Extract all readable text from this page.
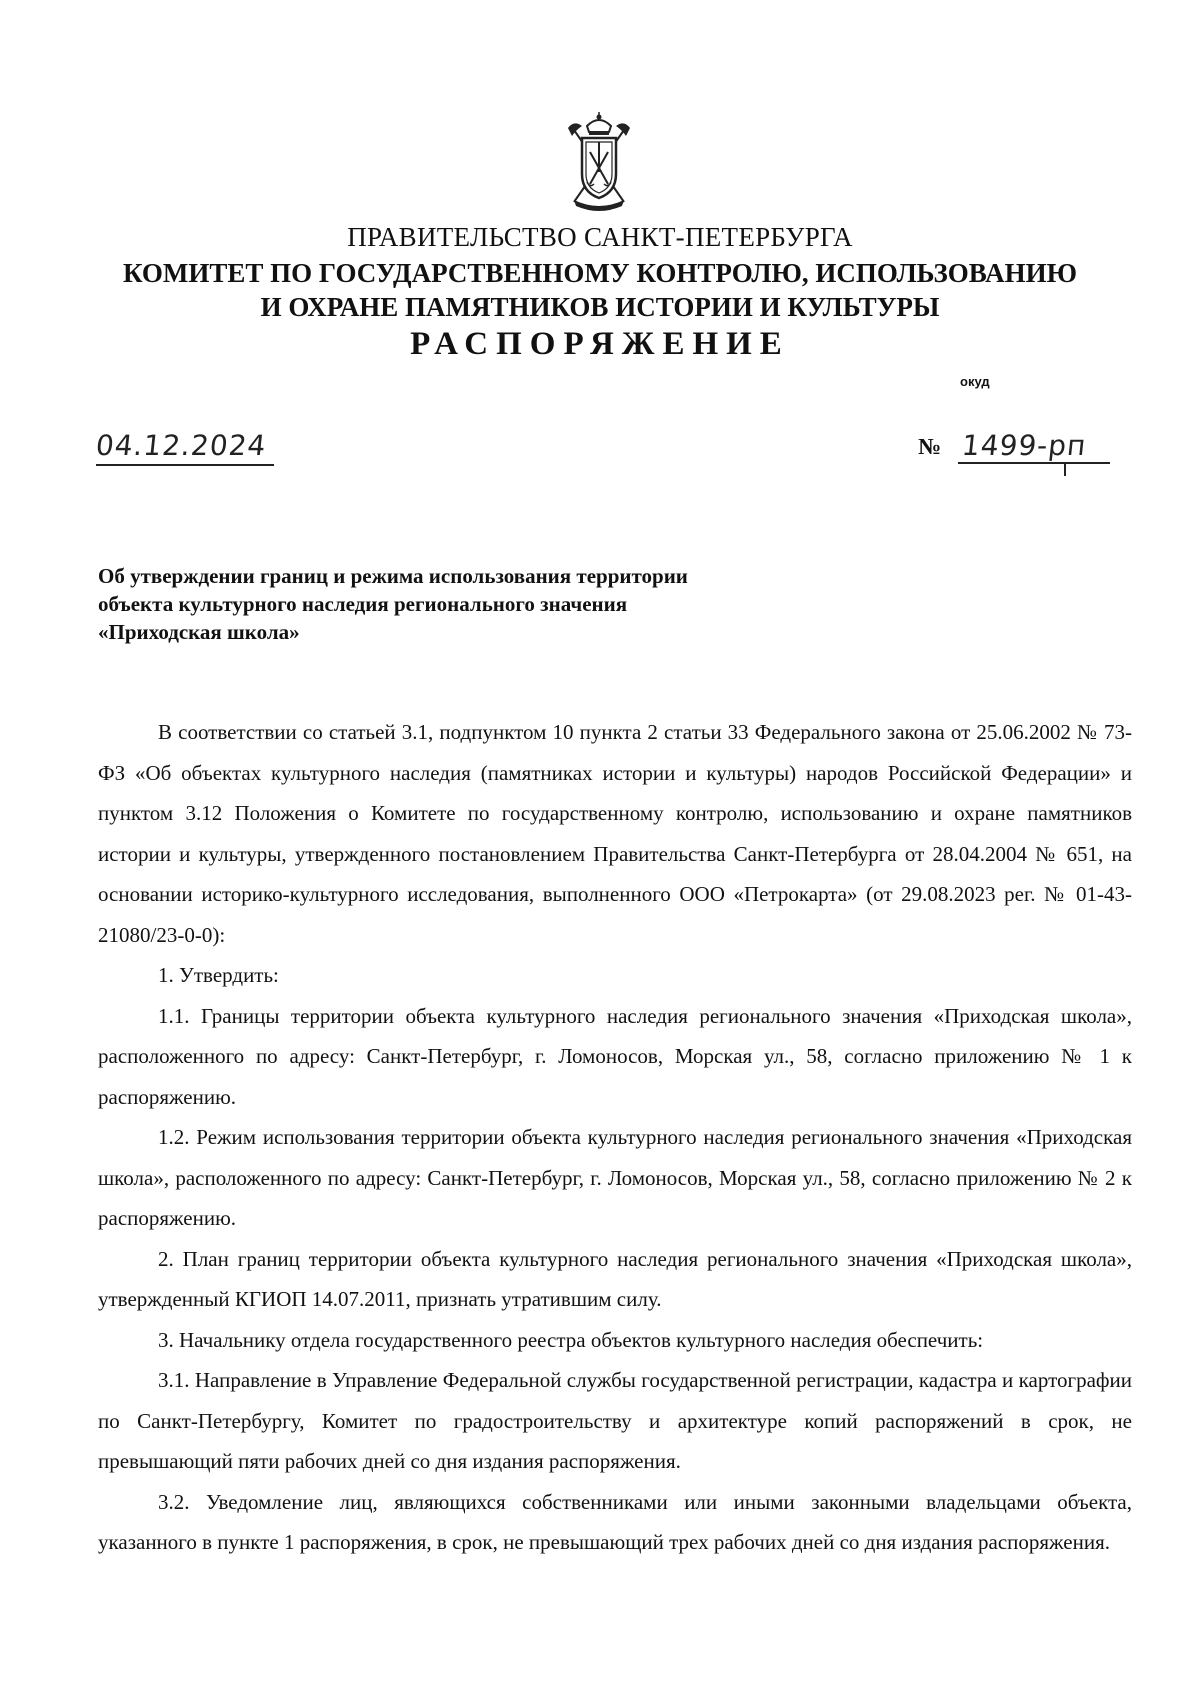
ПРАВИТЕЛЬСТВО САНКТ-ПЕТЕРБУРГА
КОМИТЕТ ПО ГОСУДАРСТВЕННОМУ КОНТРОЛЮ, ИСПОЛЬЗОВАНИЮ
И ОХРАНЕ ПАМЯТНИКОВ ИСТОРИИ И КУЛЬТУРЫ
РАСПОРЯЖЕНИЕ
окуд
04.12.2024	№ 1499-рп
Об утверждении границ и режима использования территории
объекта культурного наследия регионального значения
«Приходская школа»

В соответствии со статьей 3.1, подпунктом 10 пункта 2 статьи 33 Федерального закона от 25.06.2002 № 73-ФЗ «Об объектах культурного наследия (памятниках истории и культуры) народов Российской Федерации» и пунктом 3.12 Положения о Комитете по государственному контролю, использованию и охране памятников истории и культуры, утвержденного постановлением Правительства Санкт-Петербурга от 28.04.2004 № 651, на основании историко-культурного исследования, выполненного ООО «Петрокарта» (от 29.08.2023 рег. № 01-43-21080/23-0-0):

1. Утвердить:

1.1. Границы территории объекта культурного наследия регионального значения «Приходская школа», расположенного по адресу: Санкт-Петербург, г. Ломоносов, Морская ул., 58, согласно приложению № 1 к распоряжению.

1.2. Режим использования территории объекта культурного наследия регионального значения «Приходская школа», расположенного по адресу: Санкт-Петербург, г. Ломоносов, Морская ул., 58, согласно приложению № 2 к распоряжению.

2. План границ территории объекта культурного наследия регионального значения «Приходская школа», утвержденный КГИОП 14.07.2011, признать утратившим силу.

3. Начальнику отдела государственного реестра объектов культурного наследия обеспечить:

3.1. Направление в Управление Федеральной службы государственной регистрации, кадастра и картографии по Санкт-Петербургу, Комитет по градостроительству и архитектуре копий распоряжений в срок, не превышающий пяти рабочих дней со дня издания распоряжения.

3.2. Уведомление лиц, являющихся собственниками или иными законными владельцами объекта, указанного в пункте 1 распоряжения, в срок, не превышающий трех рабочих дней со дня издания распоряжения.
